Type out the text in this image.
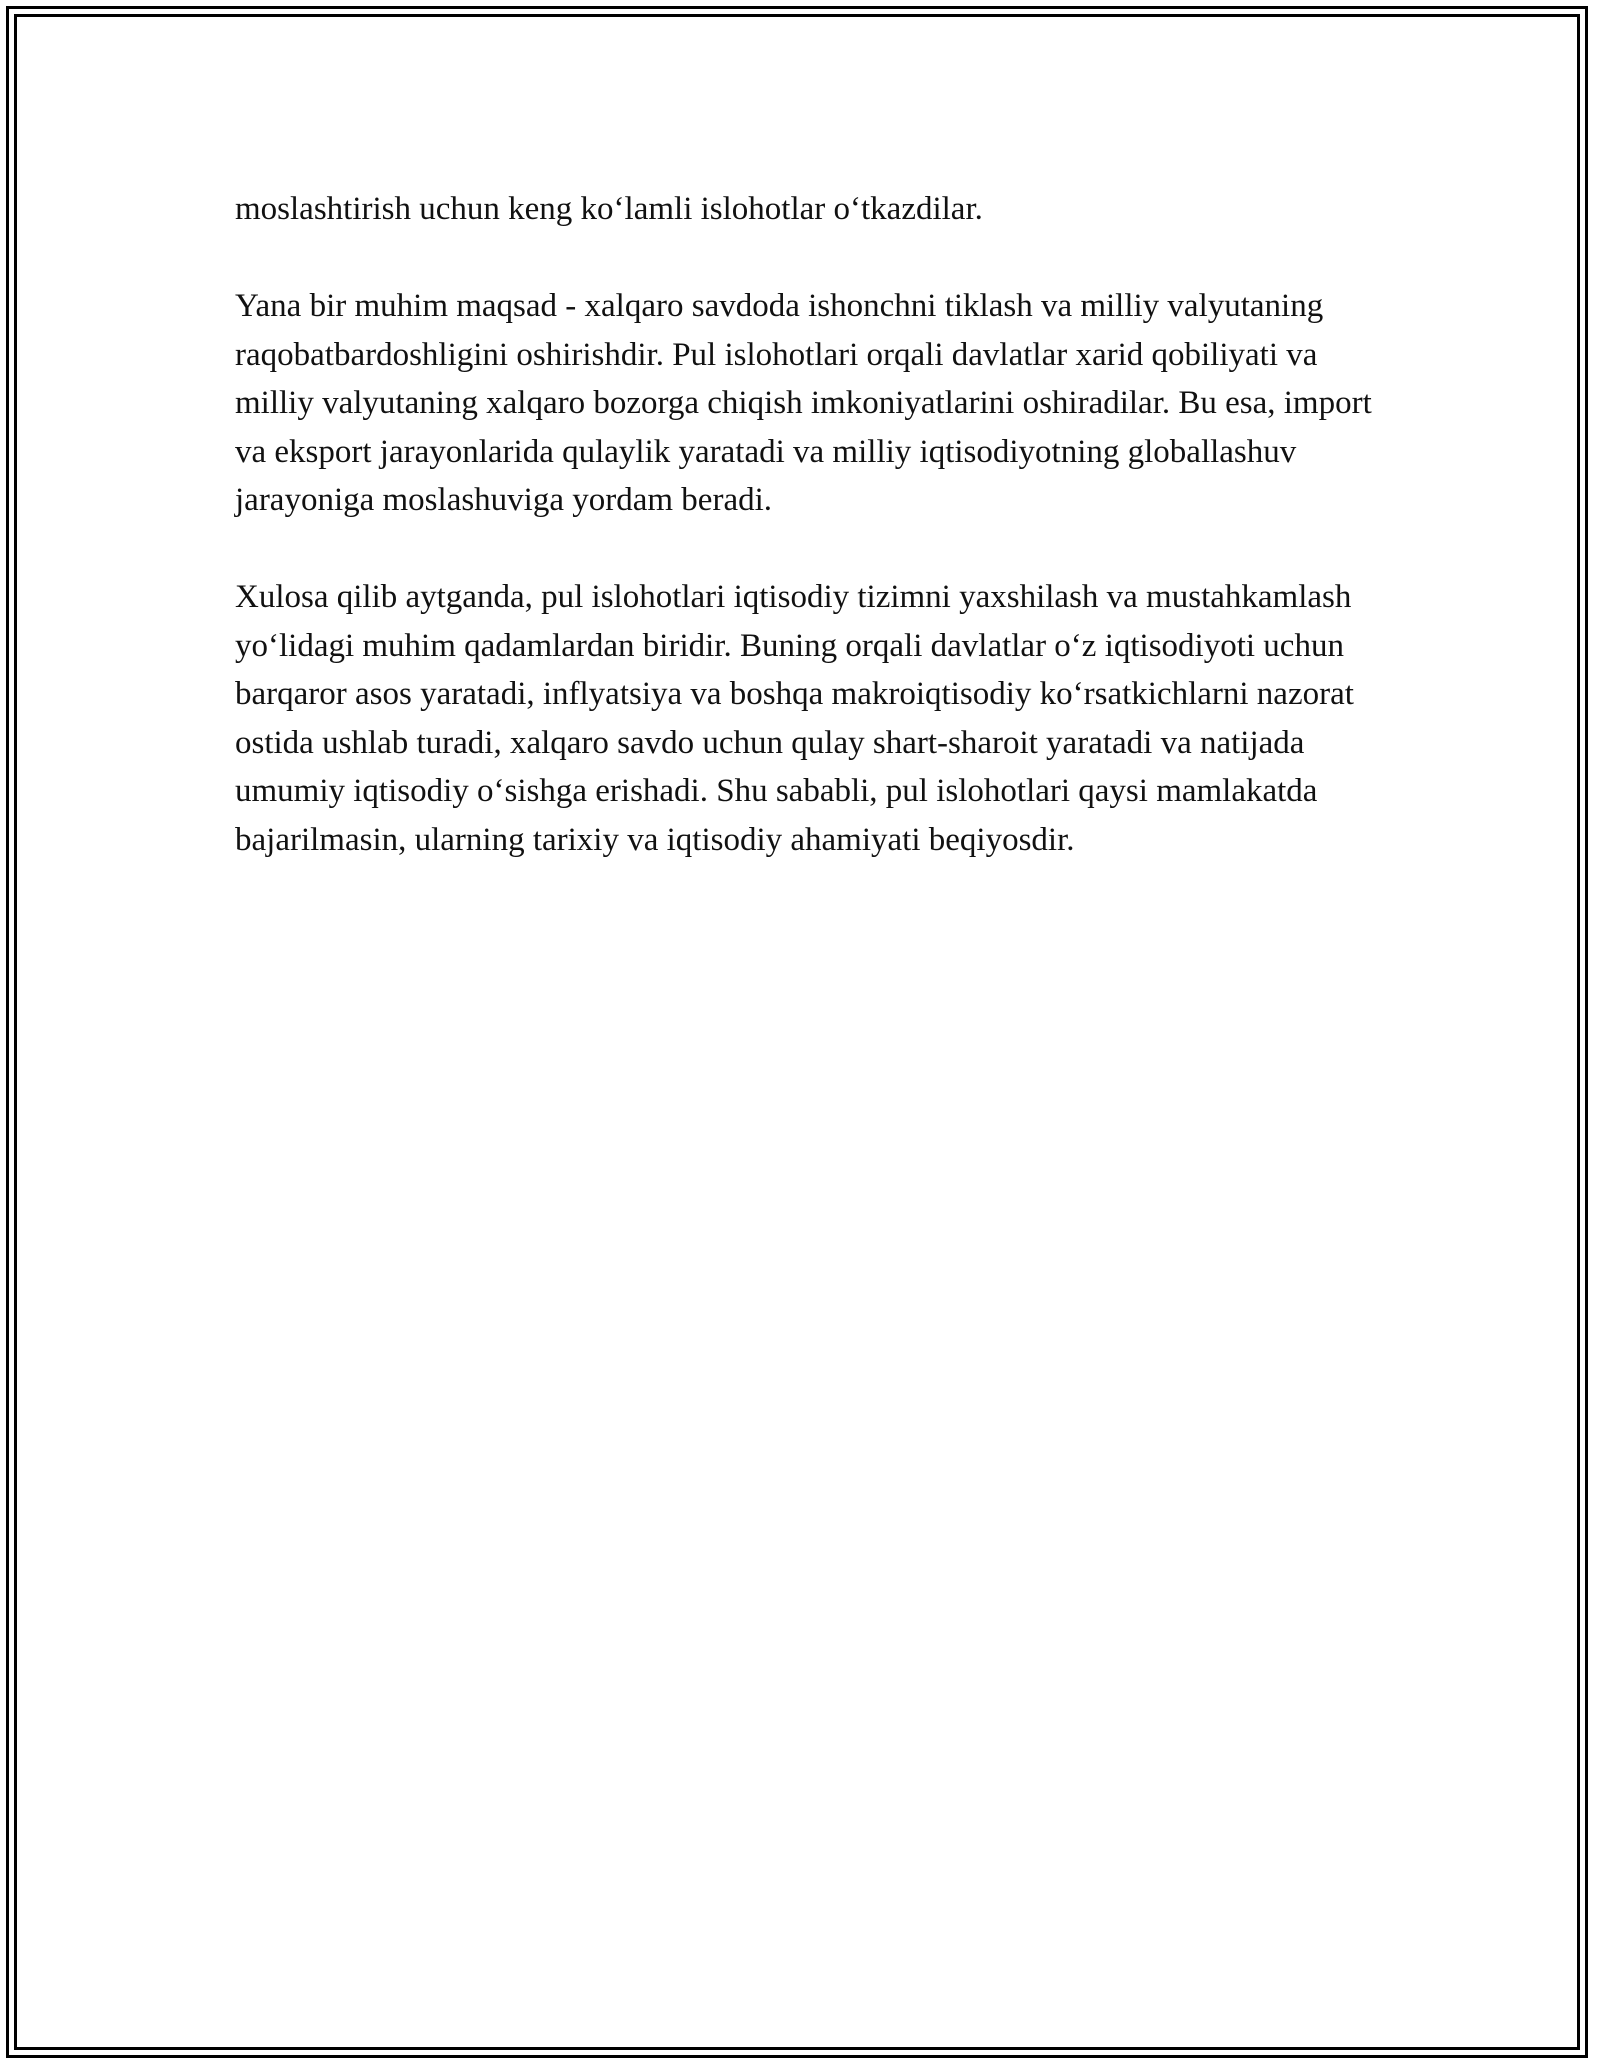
moslashtirish uchun keng ko‘lamli islohotlar o‘tkazdilar.

Yana bir muhim maqsad - xalqaro savdoda ishonchni tiklash va milliy valyutaning raqobatbardoshligini oshirishdir. Pul islohotlari orqali davlatlar xarid qobiliyati va milliy valyutaning xalqaro bozorga chiqish imkoniyatlarini oshiradilar. Bu esa, import va eksport jarayonlarida qulaylik yaratadi va milliy iqtisodiyotning globallashuv jarayoniga moslashuviga yordam beradi.

Xulosa qilib aytganda, pul islohotlari iqtisodiy tizimni yaxshilash va mustahkamlash yo‘lidagi muhim qadamlardan biridir. Buning orqali davlatlar o‘z iqtisodiyoti uchun barqaror asos yaratadi, inflyatsiya va boshqa makroiqtisodiy ko‘rsatkichlarni nazorat ostida ushlab turadi, xalqaro savdo uchun qulay shart-sharoit yaratadi va natijada umumiy iqtisodiy o‘sishga erishadi. Shu sababli, pul islohotlari qaysi mamlakatda bajarilmasin, ularning tarixiy va iqtisodiy ahamiyati beqiyosdir.
